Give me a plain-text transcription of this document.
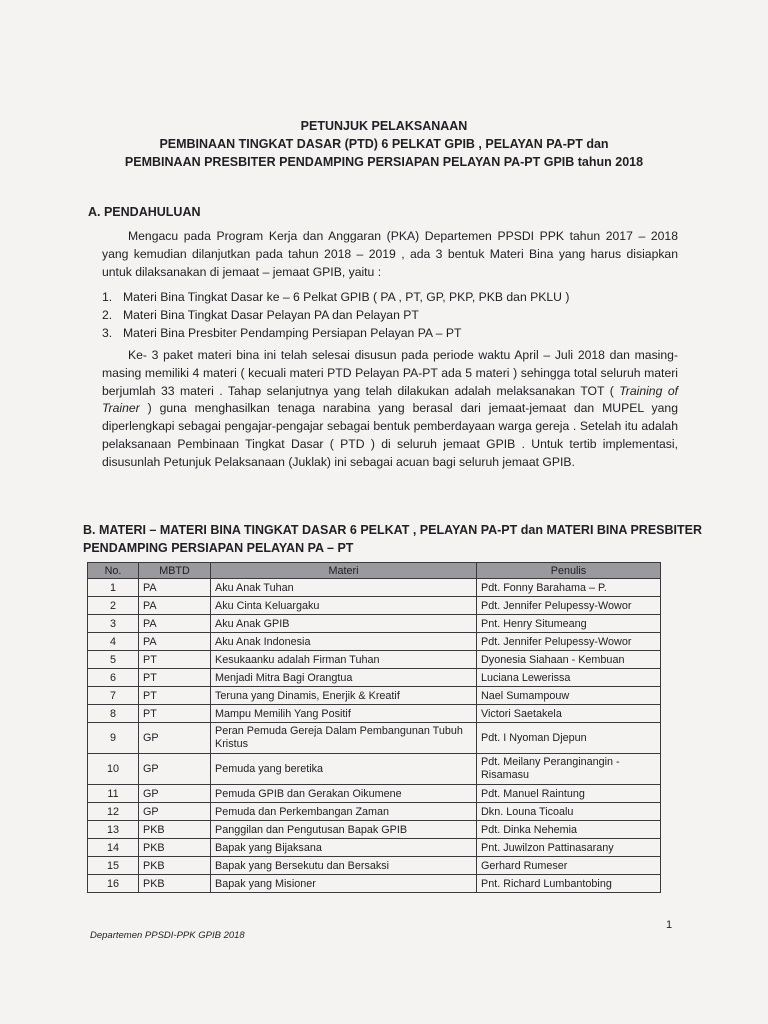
PETUNJUK PELAKSANAAN
PEMBINAAN TINGKAT DASAR (PTD) 6 PELKAT GPIB , PELAYAN PA-PT dan
PEMBINAAN PRESBITER PENDAMPING PERSIAPAN PELAYAN PA-PT GPIB tahun 2018
A. PENDAHULUAN
Mengacu pada Program Kerja dan Anggaran (PKA) Departemen PPSDI PPK tahun 2017 – 2018 yang kemudian dilanjutkan pada tahun 2018 – 2019 , ada 3 bentuk Materi Bina yang harus disiapkan untuk dilaksanakan di jemaat – jemaat GPIB, yaitu :
1. Materi Bina Tingkat Dasar ke – 6 Pelkat GPIB ( PA , PT, GP, PKP, PKB dan PKLU )
2. Materi Bina Tingkat Dasar Pelayan PA dan Pelayan PT
3. Materi Bina Presbiter Pendamping Persiapan Pelayan PA – PT
Ke- 3 paket materi bina ini telah selesai disusun pada periode waktu April – Juli 2018 dan masing-masing memiliki 4 materi ( kecuali materi PTD Pelayan PA-PT ada 5 materi ) sehingga total seluruh materi berjumlah 33 materi . Tahap selanjutnya yang telah dilakukan adalah melaksanakan TOT ( Training of Trainer ) guna menghasilkan tenaga narabina yang berasal dari jemaat-jemaat dan MUPEL yang diperlengkapi sebagai pengajar-pengajar sebagai bentuk pemberdayaan warga gereja . Setelah itu adalah pelaksanaan Pembinaan Tingkat Dasar ( PTD ) di seluruh jemaat GPIB . Untuk tertib implementasi, disusunlah Petunjuk Pelaksanaan (Juklak) ini sebagai acuan bagi seluruh jemaat GPIB.
B. MATERI – MATERI BINA TINGKAT DASAR 6 PELKAT , PELAYAN PA-PT dan MATERI BINA PRESBITER PENDAMPING PERSIAPAN PELAYAN PA – PT
No.	MBTD	Materi	Penulis
1	PA	Aku Anak Tuhan	Pdt. Fonny Barahama – P.
2	PA	Aku Cinta Keluargaku	Pdt. Jennifer Pelupessy-Wowor
3	PA	Aku Anak GPIB	Pnt. Henry Situmeang
4	PA	Aku Anak Indonesia	Pdt. Jennifer Pelupessy-Wowor
5	PT	Kesukaanku adalah Firman Tuhan	Dyonesia Siahaan - Kembuan
6	PT	Menjadi Mitra Bagi Orangtua	Luciana Lewerissa
7	PT	Teruna yang Dinamis, Enerjik & Kreatif	Nael Sumampouw
8	PT	Mampu Memilih Yang Positif	Victori Saetakela
9	GP	Peran Pemuda Gereja Dalam Pembangunan Tubuh Kristus	Pdt. I Nyoman Djepun
10	GP	Pemuda yang beretika	Pdt. Meilany Peranginangin - Risamasu

11	GP	Pemuda GPIB dan Gerakan Oikumene	Pdt. Manuel Raintung
12	GP	Pemuda dan Perkembangan Zaman	Dkn. Louna Ticoalu
13	PKB	Panggilan dan Pengutusan Bapak GPIB	Pdt. Dinka Nehemia
14	PKB	Bapak yang Bijaksana	Pnt. Juwilzon Pattinasarany
15	PKB	Bapak yang Bersekutu dan Bersaksi	Gerhard Rumeser
16	PKB	Bapak yang Misioner	Pnt. Richard Lumbantobing
1
Departemen PPSDI-PPK GPIB 2018
